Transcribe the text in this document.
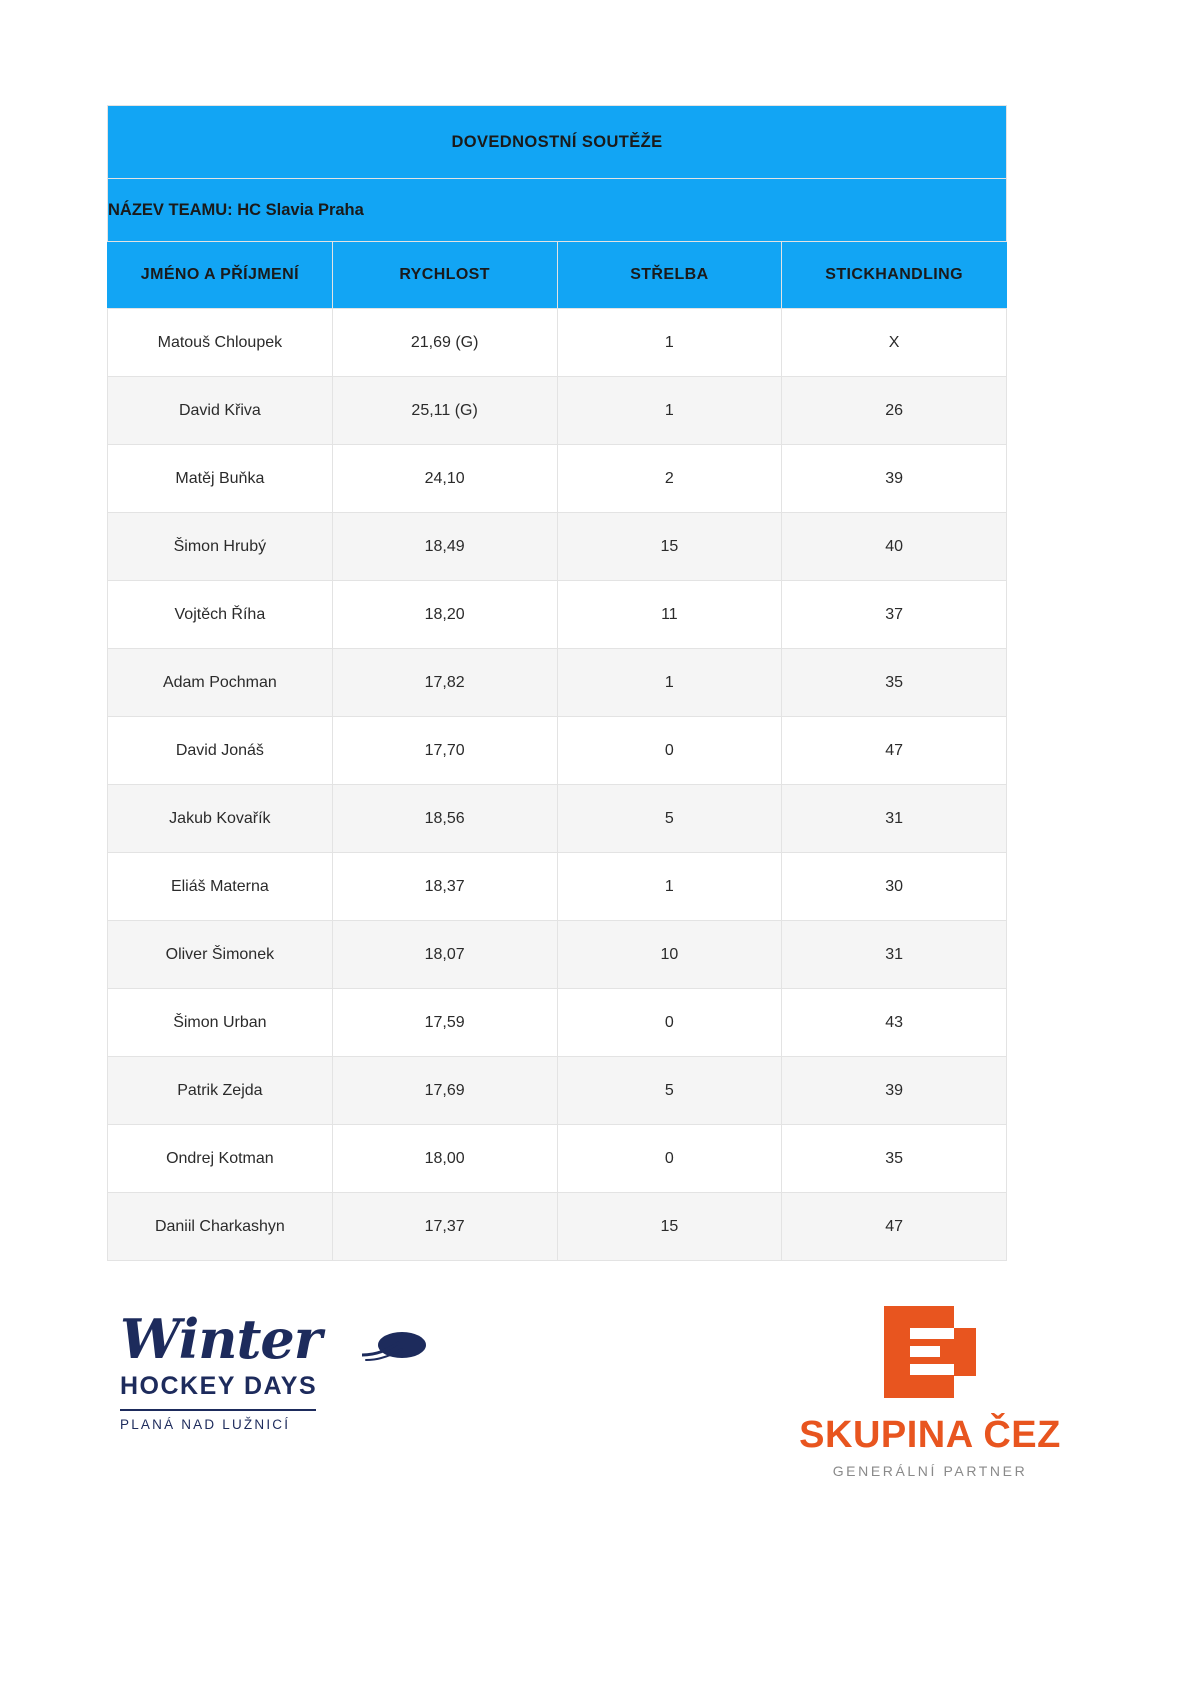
DOVEDNOSTNÍ SOUTĚŽE			
NÁZEV TEAMU: HC Slavia Praha			
JMÉNO A PŘÍJMENÍ	RYCHLOST	STŘELBA	STICKHANDLING
Matouš Chloupek	21,69 (G)	1	X
David Křiva	25,11 (G)	1	26
Matěj Buňka	24,10	2	39
Šimon Hrubý	18,49	15	40
Vojtěch Říha	18,20	11	37
Adam Pochman	17,82	1	35
David Jonáš	17,70	0	47
Jakub Kovařík	18,56	5	31
Eliáš Materna	18,37	1	30
Oliver Šimonek	18,07	10	31
Šimon Urban	17,59	0	43
Patrik Zejda	17,69	5	39
Ondrej Kotman	18,00	0	35
Daniil Charkashyn	17,37	15	47
Winter
HOCKEY DAYS
PLANÁ NAD LUŽNICÍ	SKUPINA ČEZ
GENERÁLNÍ PARTNER
